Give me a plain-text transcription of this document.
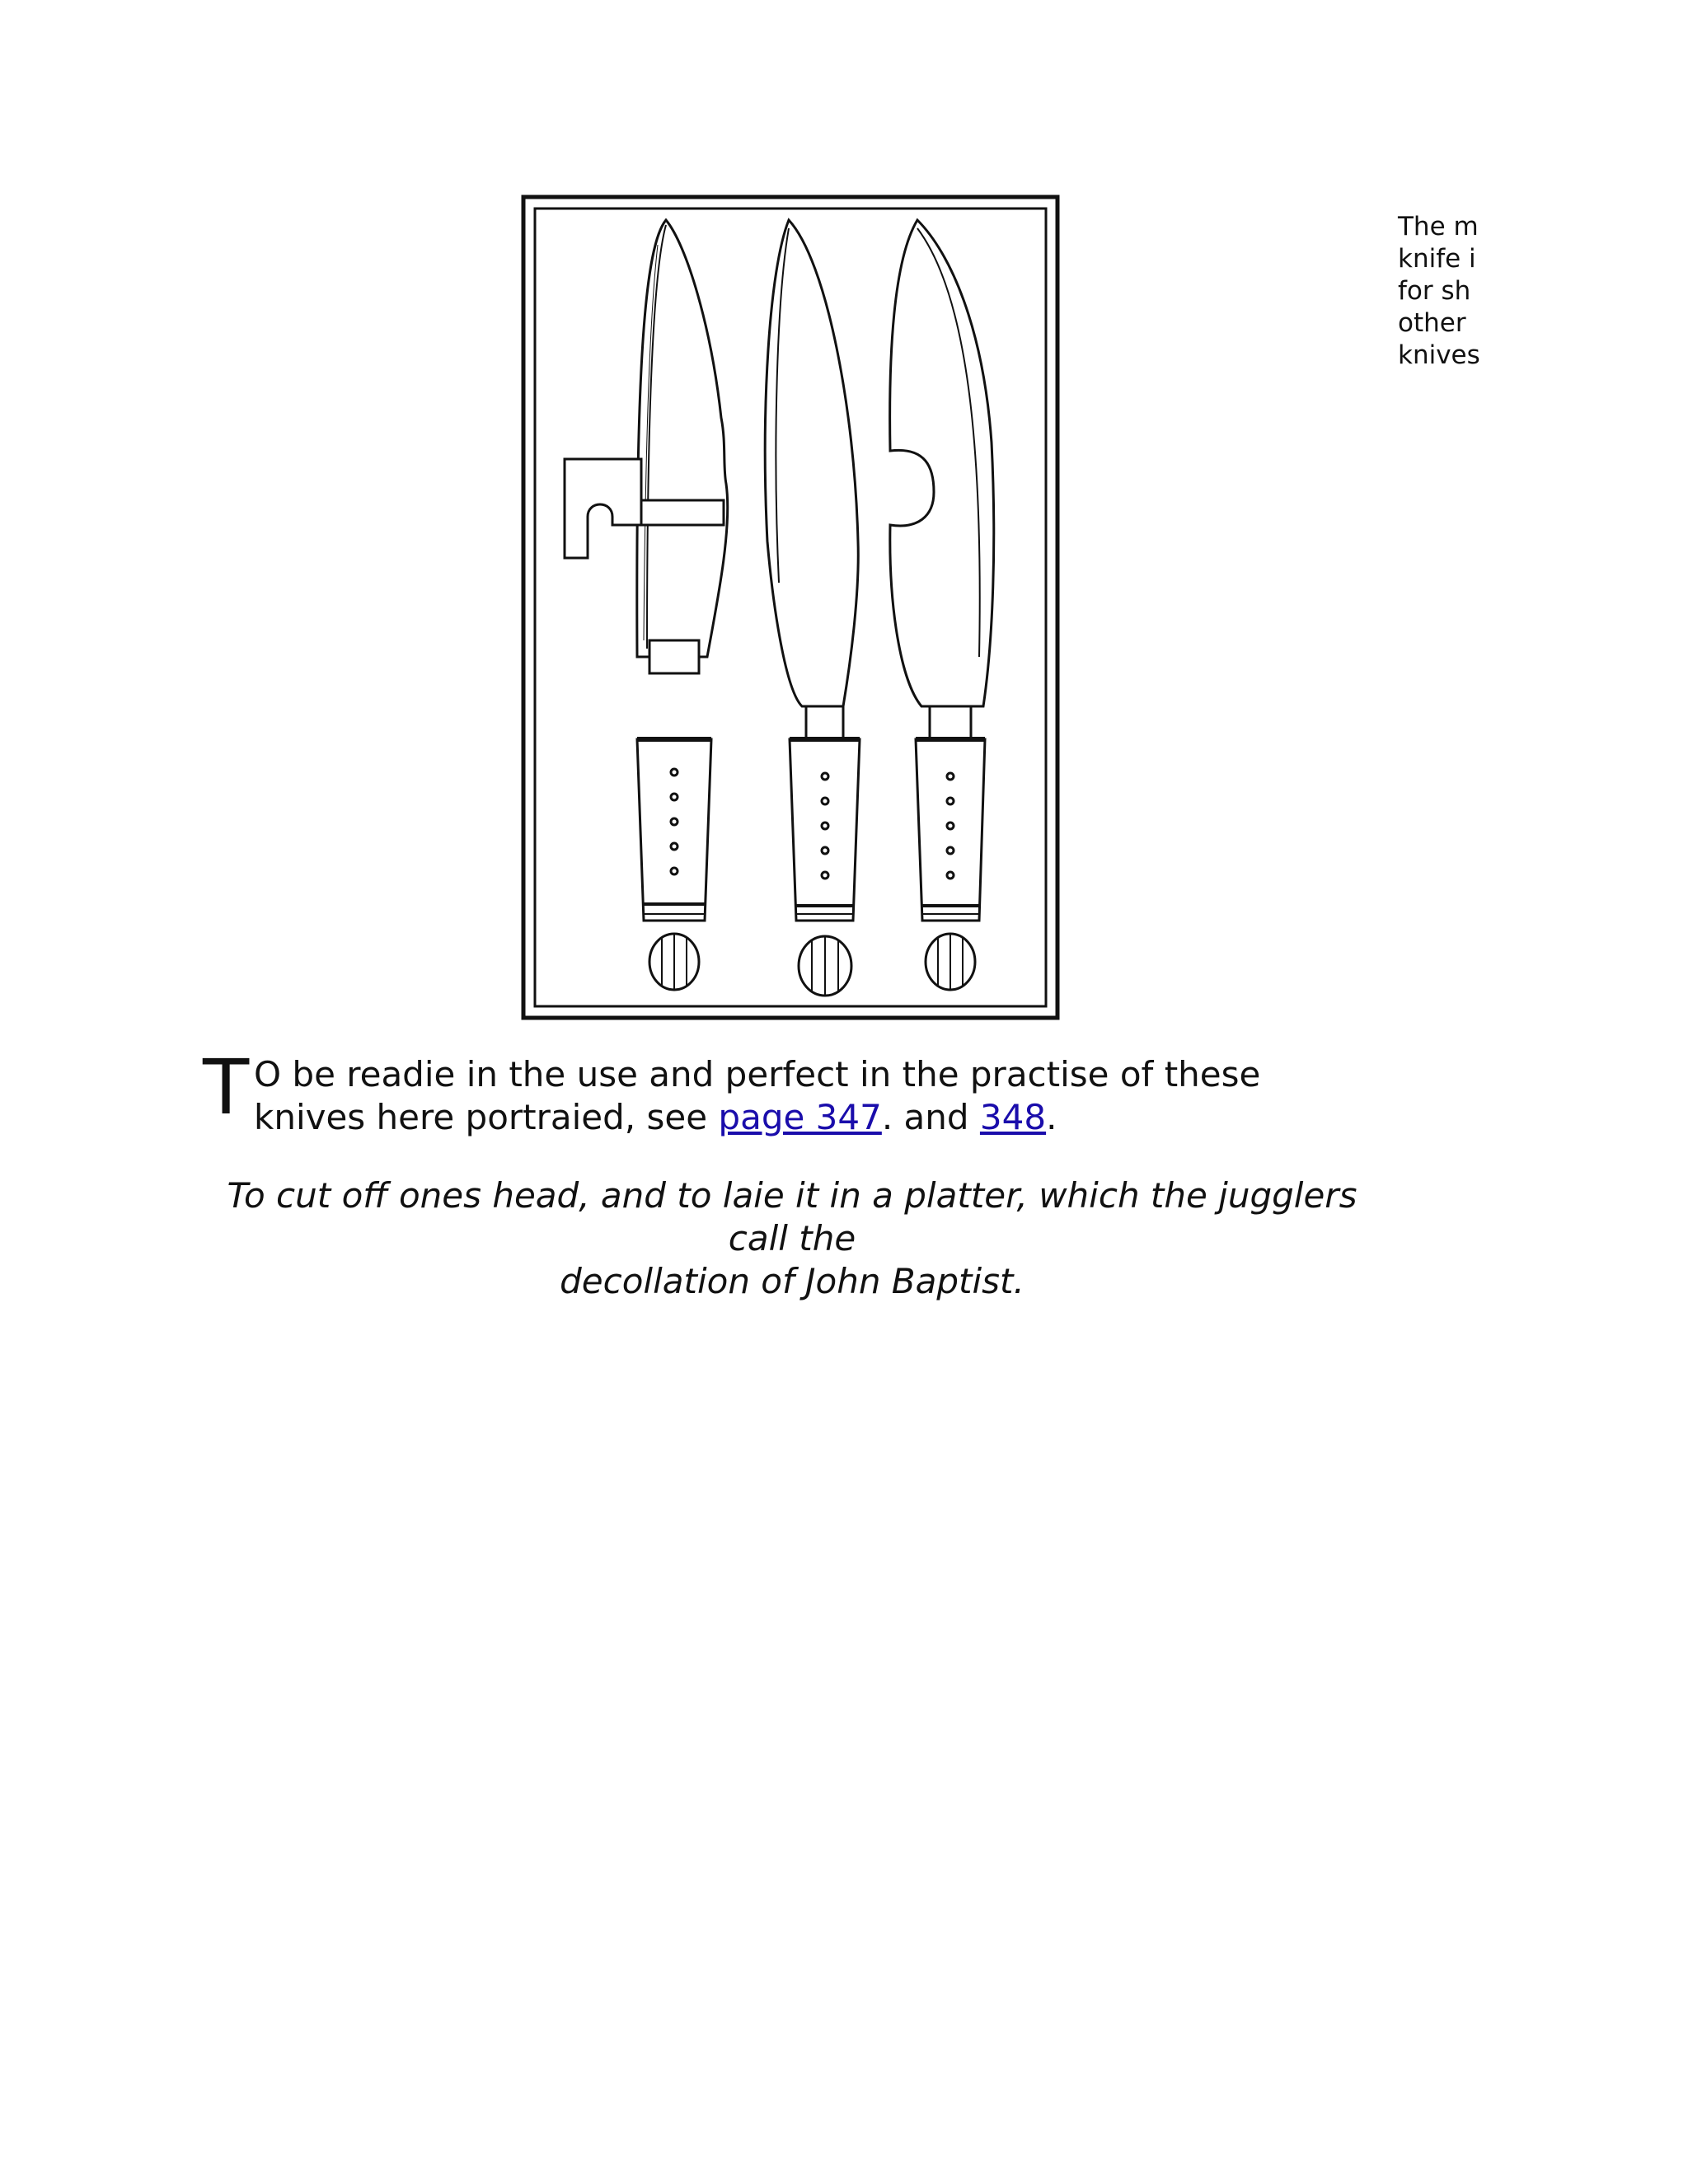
The m
knife i
for sh
other
knives
T O be readie in the use and perfect in the practise of these knives here portraied, see page 347. and 348.
To cut off ones head, and to laie it in a platter, which the jugglers call the
decollation of John Baptist.
